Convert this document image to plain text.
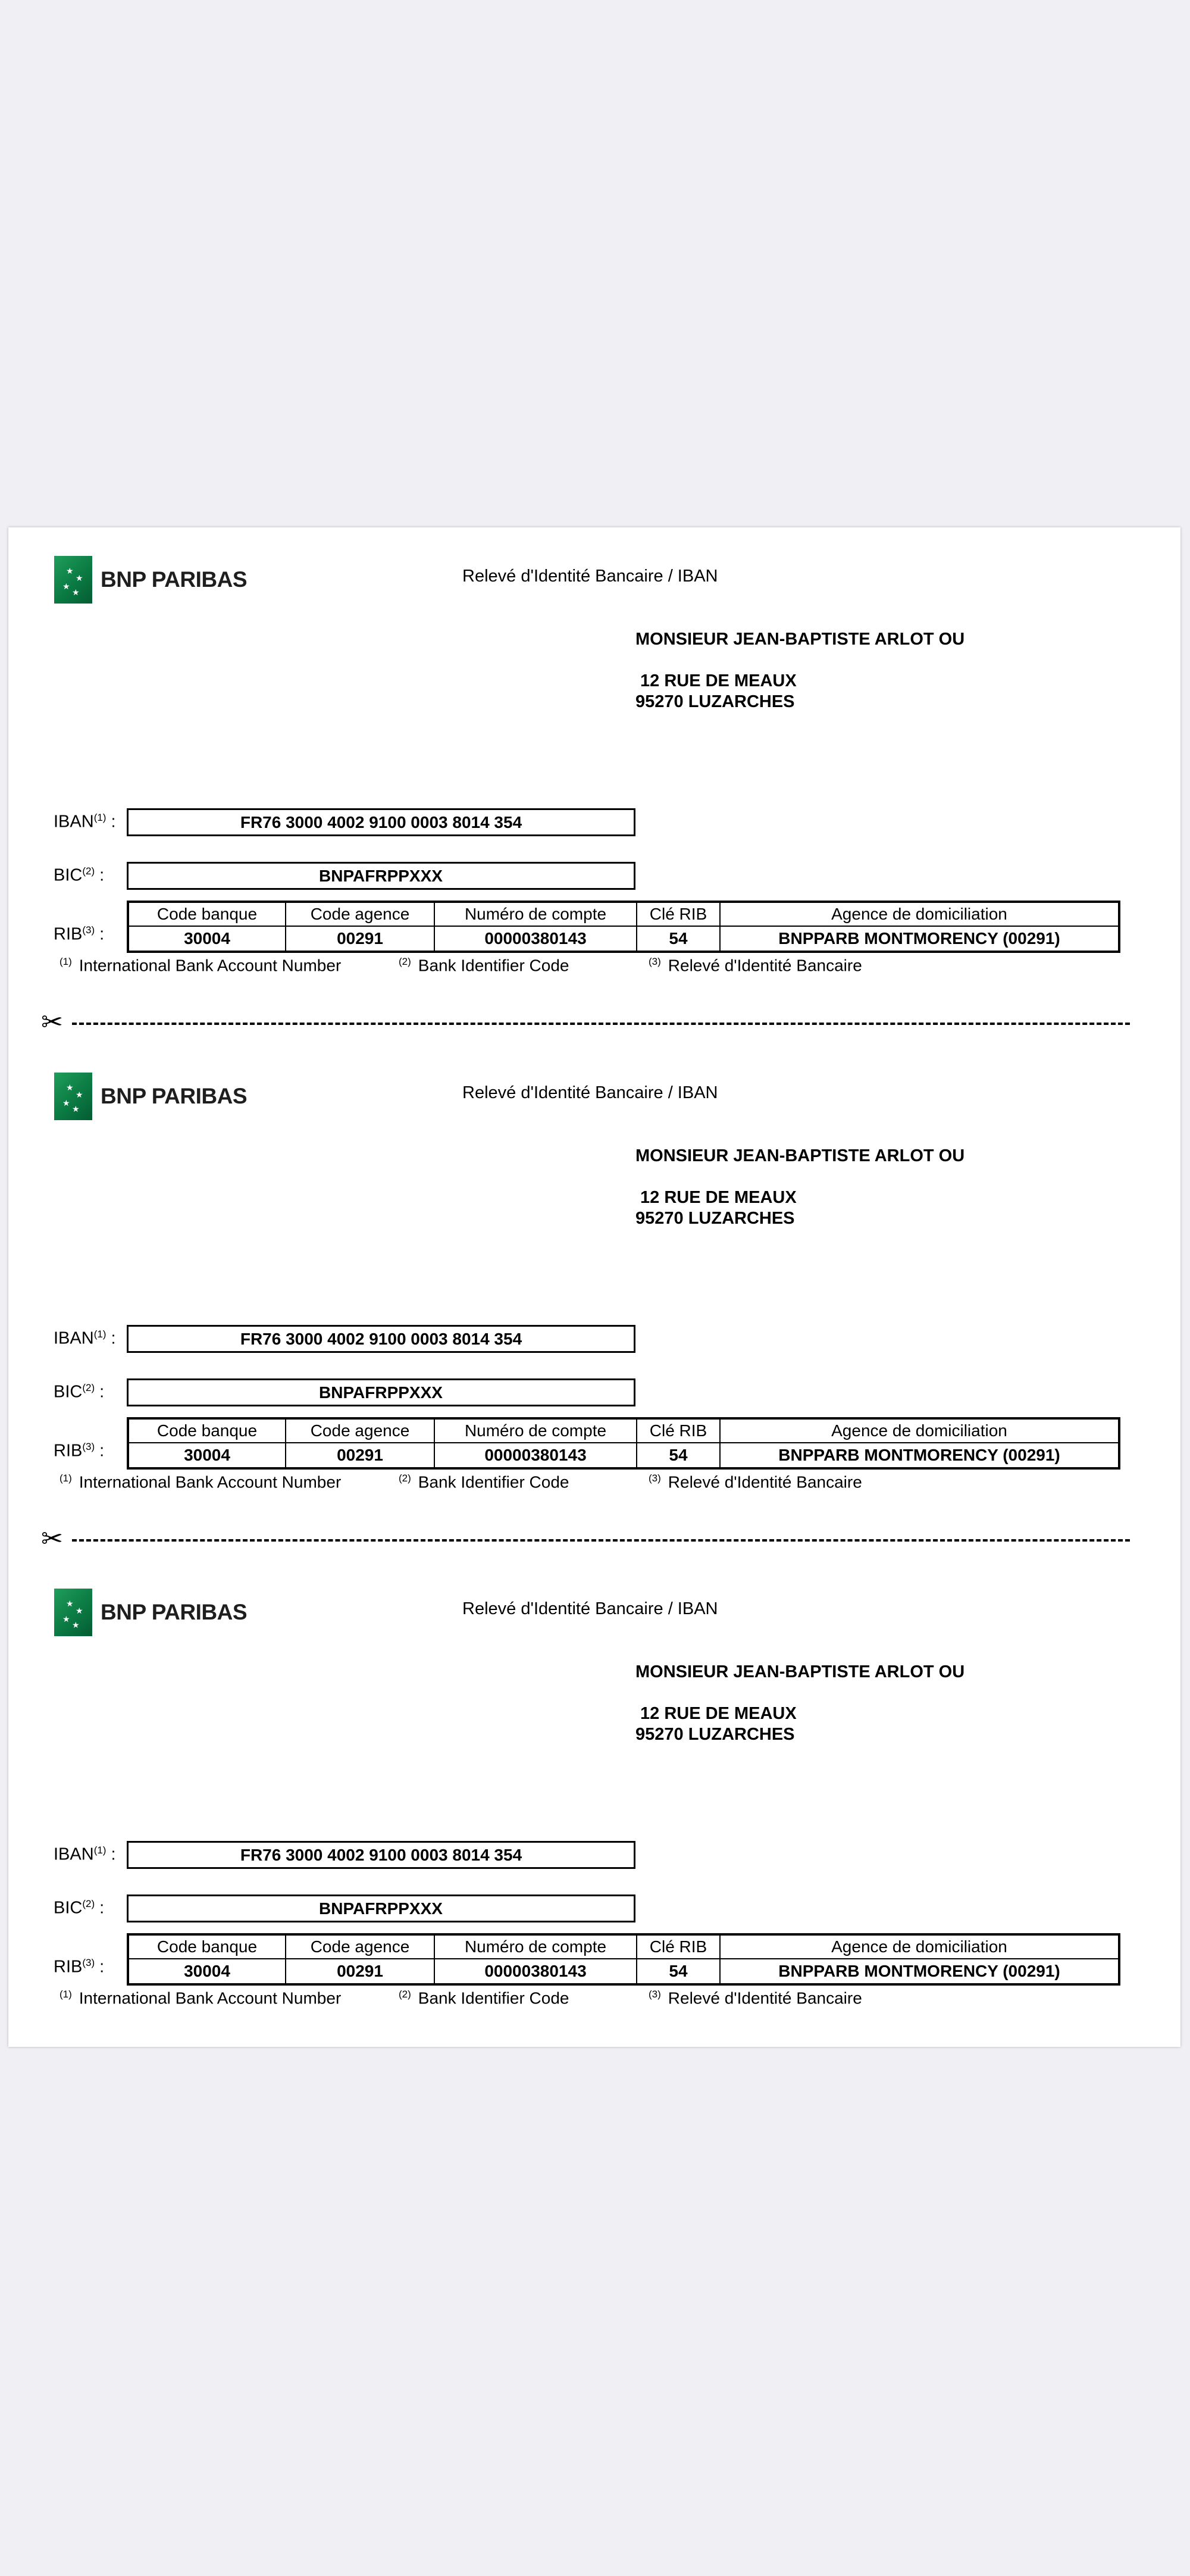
★
★
★
★
BNP PARIBAS	Relevé d'Identité Bancaire / IBAN
MONSIEUR JEAN-BAPTISTE ARLOT OU
12 RUE DE MEAUX
95270 LUZARCHES
IBAN$^{(1)}$ :	FR76 3000 4002 9100 0003 8014 354
BIC$^{(2)}$ :	BNPAFRPPXXX
RIB$^{(3)}$ :
Code banque	Code agence	Numéro de compte	Clé RIB	Agence de domiciliation
30004	00291	00000380143	54	BNPPARB MONTMORENCY (00291)
$^{(1)}$ International Bank Account Number	$^{(2)}$ Bank Identifier Code	$^{(3)}$ Relevé d'Identité Bancaire
✂
★
★
★
★
BNP PARIBAS	Relevé d'Identité Bancaire / IBAN
MONSIEUR JEAN-BAPTISTE ARLOT OU
12 RUE DE MEAUX
95270 LUZARCHES
IBAN$^{(1)}$ :	FR76 3000 4002 9100 0003 8014 354
BIC$^{(2)}$ :	BNPAFRPPXXX
RIB$^{(3)}$ :
Code banque	Code agence	Numéro de compte	Clé RIB	Agence de domiciliation
30004	00291	00000380143	54	BNPPARB MONTMORENCY (00291)
$^{(1)}$ International Bank Account Number	$^{(2)}$ Bank Identifier Code	$^{(3)}$ Relevé d'Identité Bancaire
✂
★
★
★
★
BNP PARIBAS	Relevé d'Identité Bancaire / IBAN
MONSIEUR JEAN-BAPTISTE ARLOT OU
12 RUE DE MEAUX
95270 LUZARCHES
IBAN$^{(1)}$ :	FR76 3000 4002 9100 0003 8014 354
BIC$^{(2)}$ :	BNPAFRPPXXX
RIB$^{(3)}$ :
Code banque	Code agence	Numéro de compte	Clé RIB	Agence de domiciliation
30004	00291	00000380143	54	BNPPARB MONTMORENCY (00291)
$^{(1)}$ International Bank Account Number	$^{(2)}$ Bank Identifier Code	$^{(3)}$ Relevé d'Identité Bancaire
